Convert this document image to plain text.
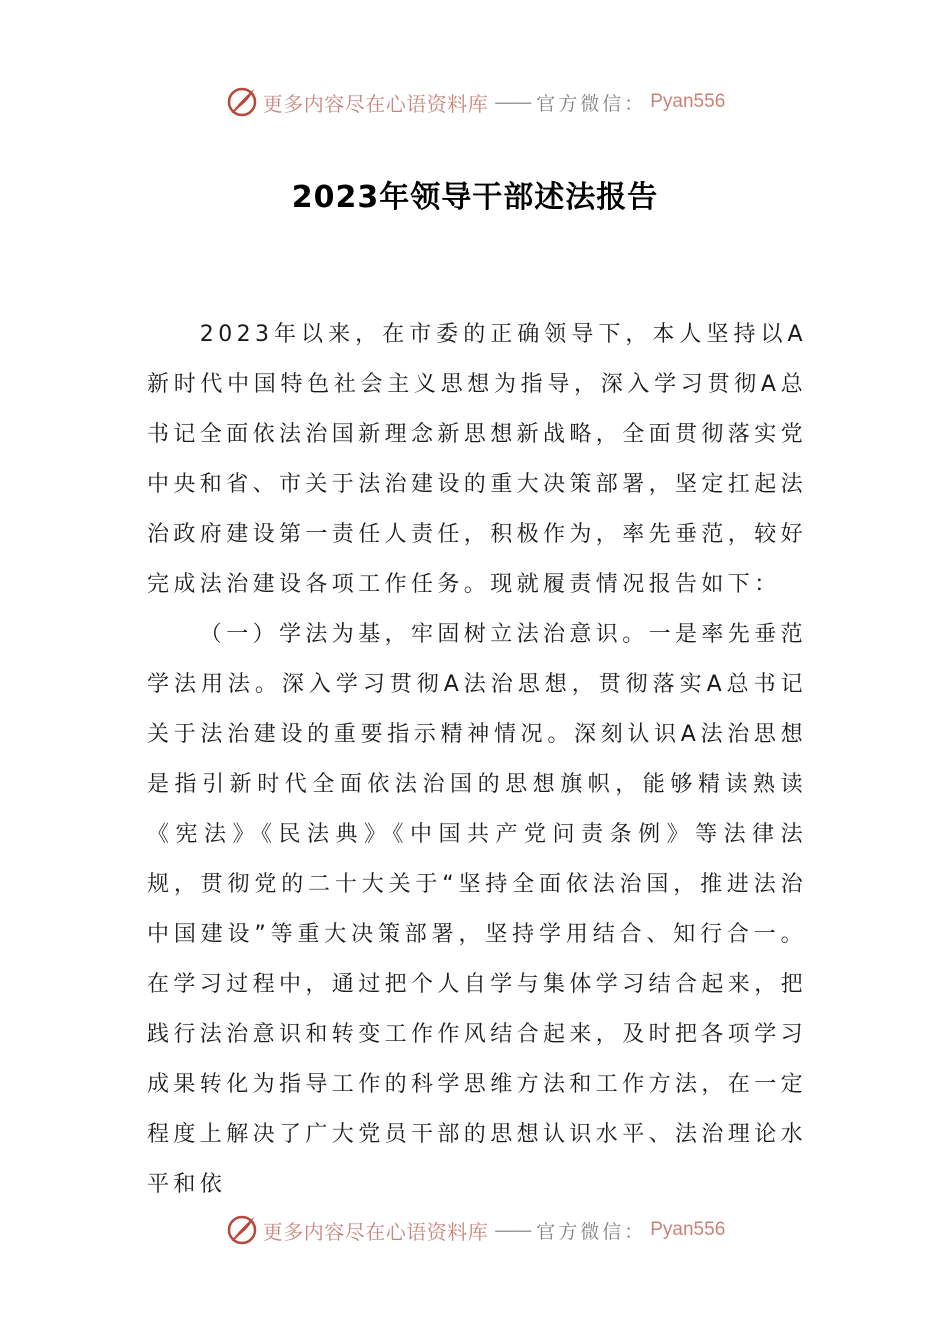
更多内容尽在心语资料库 —— 官方微信： Pyan556
2023年领导干部述法报告

2023年以来，在市委的正确领导下，本人坚持以A新时代中国特色社会主义思想为指导，深入学习贯彻A总书记全面依法治国新理念新思想新战略，全面贯彻落实党中央和省、市关于法治建设的重大决策部署，坚定扛起法治政府建设第一责任人责任，积极作为，率先垂范，较好完成法治建设各项工作任务。现就履责情况报告如下：

（一）学法为基，牢固树立法治意识。一是率先垂范学法用法。深入学习贯彻A法治思想，贯彻落实A总书记关于法治建设的重要指示精神情况。深刻认识A法治思想是指引新时代全面依法治国的思想旗帜，能够精读熟读《宪法》《民法典》《中国共产党问责条例》等法律法规，贯彻党的二十大关于“坚持全面依法治国，推进法治中国建设”等重大决策部署，坚持学用结合、知行合一。在学习过程中，通过把个人自学与集体学习结合起来，把践行法治意识和转变工作作风结合起来，及时把各项学习成果转化为指导工作的科学思维方法和工作方法，在一定程度上解决了广大党员干部的思想认识水平、法治理论水平和依

更多内容尽在心语资料库 —— 官方微信： Pyan556
